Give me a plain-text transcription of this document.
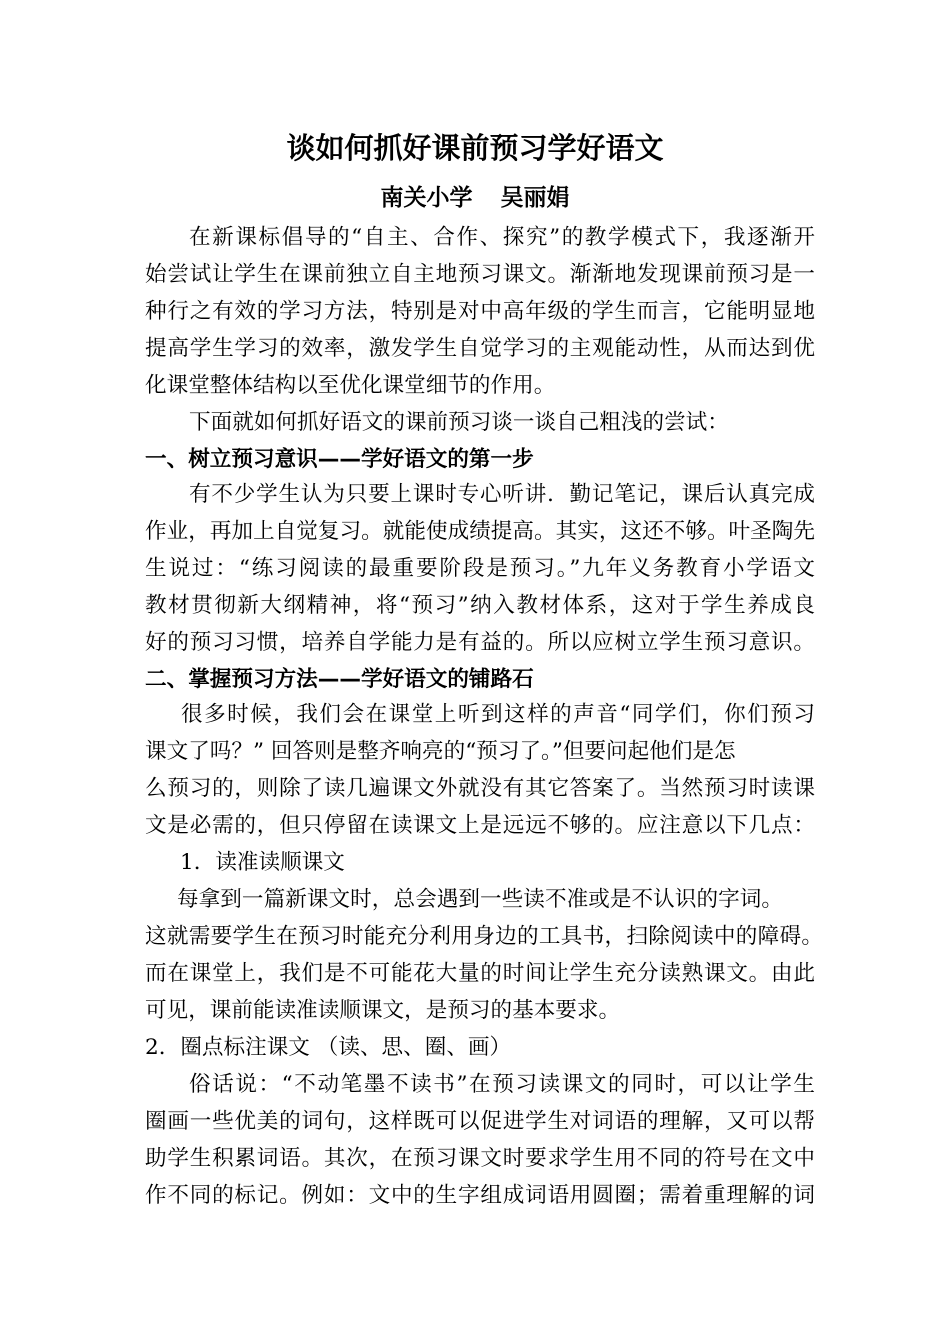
谈如何抓好课前预习学好语文

南关小学 吴丽娟

在新课标倡导的“自主、合作、探究”的教学模式下，我逐渐开

始尝试让学生在课前独立自主地预习课文。渐渐地发现课前预习是一

种行之有效的学习方法，特别是对中高年级的学生而言，它能明显地

提高学生学习的效率，激发学生自觉学习的主观能动性，从而达到优

化课堂整体结构以至优化课堂细节的作用。

下面就如何抓好语文的课前预习谈一谈自己粗浅的尝试：

一、树立预习意识——学好语文的第一步

有不少学生认为只要上课时专心听讲．勤记笔记，课后认真完成

作业，再加上自觉复习。就能使成绩提高。其实，这还不够。叶圣陶先

生说过：“练习阅读的最重要阶段是预习。”九年义务教育小学语文

教材贯彻新大纲精神，将“预习”纳入教材体系，这对于学生养成良

好的预习习惯，培养自学能力是有益的。所以应树立学生预习意识。

二、掌握预习方法——学好语文的铺路石

很多时候，我们会在课堂上听到这样的声音“同学们，你们预习

课文了吗？” 回答则是整齐响亮的“预习了。”但要问起他们是怎

么预习的，则除了读几遍课文外就没有其它答案了。当然预习时读课

文是必需的，但只停留在读课文上是远远不够的。应注意以下几点：

1．读准读顺课文

每拿到一篇新课文时，总会遇到一些读不准或是不认识的字词。

这就需要学生在预习时能充分利用身边的工具书，扫除阅读中的障碍。

而在课堂上，我们是不可能花大量的时间让学生充分读熟课文。由此

可见，课前能读准读顺课文，是预习的基本要求。

2．圈点标注课文 （读、思、圈、画）

俗话说：“不动笔墨不读书”在预习读课文的同时，可以让学生

圈画一些优美的词句，这样既可以促进学生对词语的理解，又可以帮

助学生积累词语。其次，在预习课文时要求学生用不同的符号在文中

作不同的标记。例如：文中的生字组成词语用圆圈；需着重理解的词
